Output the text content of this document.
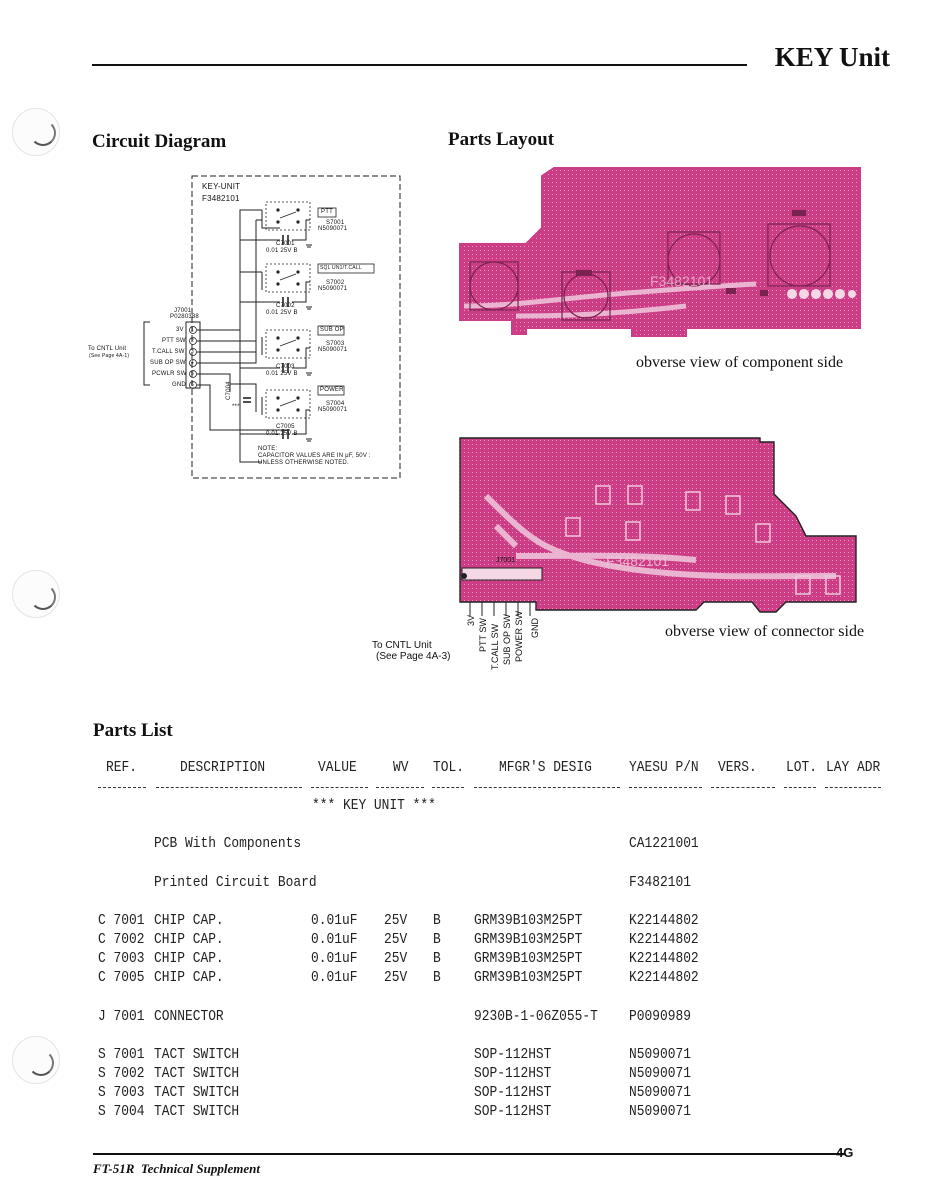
KEY Unit
Circuit Diagram	Parts Layout
KEY-UNIT
F3482101
J7001
P0280388
3V
PTT SW
T.CALL SW
SUB OP SW
PCWLR SW
GND
1
2
3
4
5
6
To CNTL Unit
(See Page 4A-1)
PTT
S7001
N5090071
SQL UN1/T.CALL
S7002
N5090071
SUB OP
S7003
N5090071
POWER
S7004
N5090071
C7001
0.01 25V B
C7002
0.01 25V B
C7003
0.01 25V B
C7005
0.01 25V B
C7004
***
NOTE:
CAPACITOR VALUES ARE IN μF, 50V :
UNLESS OTHERWISE NOTED.
F3482101
obverse view of component side
F3482101
J7001
3V PTT SW T.CALL SW SUB OP SW POWER SW GND
To CNTL Unit
(See Page 4A-3)
obverse view of connector side
Parts List
REF.	DESCRIPTION	VALUE WV TOL. MFGR'S DESIG YAESU P/N VERS. LOT. LAY ADR
*** KEY UNIT ***
PCB With Components	CA1221001
Printed Circuit Board	F3482101
C 7001 CHIP CAP.	0.01uF 25V B GRM39B103M25PT	K22144802
C 7002 CHIP CAP.	0.01uF 25V B GRM39B103M25PT	K22144802
C 7003 CHIP CAP.	0.01uF 25V B GRM39B103M25PT	K22144802
C 7005 CHIP CAP.	0.01uF 25V B GRM39B103M25PT	K22144802
J 7001 CONNECTOR	9230B-1-06Z055-T P0090989
S 7001 TACT SWITCH	SOP-112HST	N5090071
S 7002 TACT SWITCH	SOP-112HST	N5090071
S 7003 TACT SWITCH	SOP-112HST	N5090071
S 7004 TACT SWITCH	SOP-112HST	N5090071
4G
FT-51R  Technical Supplement
